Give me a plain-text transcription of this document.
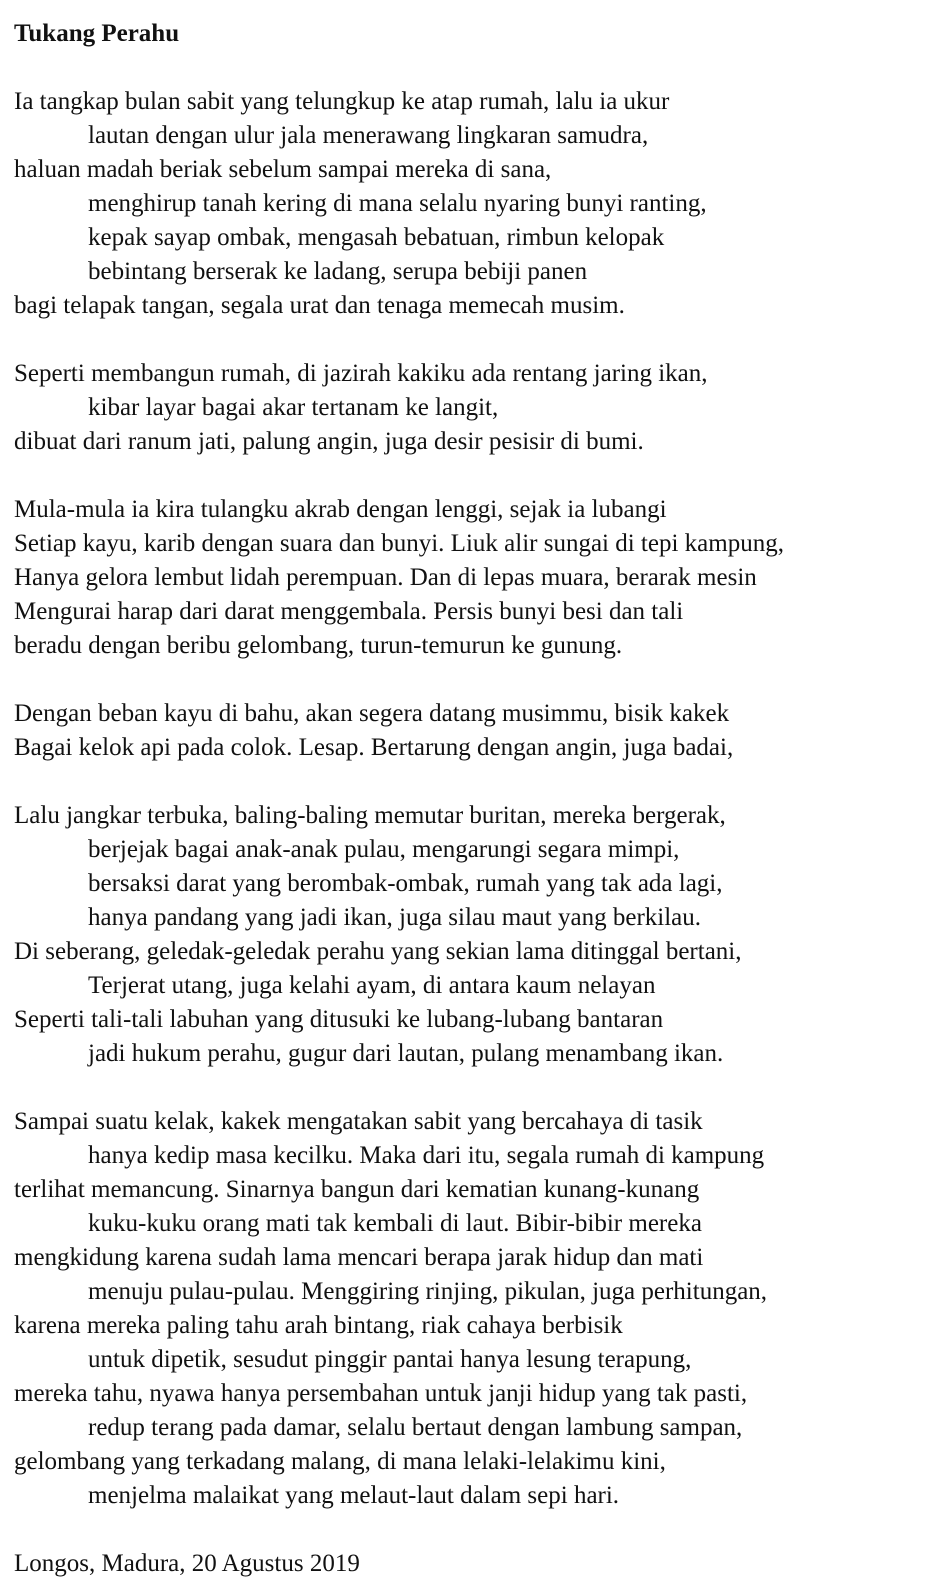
Tukang Perahu
Ia tangkap bulan sabit yang telungkup ke atap rumah, lalu ia ukur
lautan dengan ulur jala menerawang lingkaran samudra,
haluan madah beriak sebelum sampai mereka di sana,
menghirup tanah kering di mana selalu nyaring bunyi ranting,
kepak sayap ombak, mengasah bebatuan, rimbun kelopak
bebintang berserak ke ladang, serupa bebiji panen
bagi telapak tangan, segala urat dan tenaga memecah musim.
Seperti membangun rumah, di jazirah kakiku ada rentang jaring ikan,
kibar layar bagai akar tertanam ke langit,
dibuat dari ranum jati, palung angin, juga desir pesisir di bumi.
Mula-mula ia kira tulangku akrab dengan lenggi, sejak ia lubangi
Setiap kayu, karib dengan suara dan bunyi. Liuk alir sungai di tepi kampung,
Hanya gelora lembut lidah perempuan. Dan di lepas muara, berarak mesin
Mengurai harap dari darat menggembala. Persis bunyi besi dan tali
beradu dengan beribu gelombang, turun-temurun ke gunung.
Dengan beban kayu di bahu, akan segera datang musimmu, bisik kakek
Bagai kelok api pada colok. Lesap. Bertarung dengan angin, juga badai,
Lalu jangkar terbuka, baling-baling memutar buritan, mereka bergerak,
berjejak bagai anak-anak pulau, mengarungi segara mimpi,
bersaksi darat yang berombak-ombak, rumah yang tak ada lagi,
hanya pandang yang jadi ikan, juga silau maut yang berkilau.
Di seberang, geledak-geledak perahu yang sekian lama ditinggal bertani,
Terjerat utang, juga kelahi ayam, di antara kaum nelayan
Seperti tali-tali labuhan yang ditusuki ke lubang-lubang bantaran
jadi hukum perahu, gugur dari lautan, pulang menambang ikan.
Sampai suatu kelak, kakek mengatakan sabit yang bercahaya di tasik
hanya kedip masa kecilku. Maka dari itu, segala rumah di kampung
terlihat memancung. Sinarnya bangun dari kematian kunang-kunang
kuku-kuku orang mati tak kembali di laut. Bibir-bibir mereka
mengkidung karena sudah lama mencari berapa jarak hidup dan mati
menuju pulau-pulau. Menggiring rinjing, pikulan, juga perhitungan,
karena mereka paling tahu arah bintang, riak cahaya berbisik
untuk dipetik, sesudut pinggir pantai hanya lesung terapung,
mereka tahu, nyawa hanya persembahan untuk janji hidup yang tak pasti,
redup terang pada damar, selalu bertaut dengan lambung sampan,
gelombang yang terkadang malang, di mana lelaki-lelakimu kini,
menjelma malaikat yang melaut-laut dalam sepi hari.
Longos, Madura, 20 Agustus 2019
